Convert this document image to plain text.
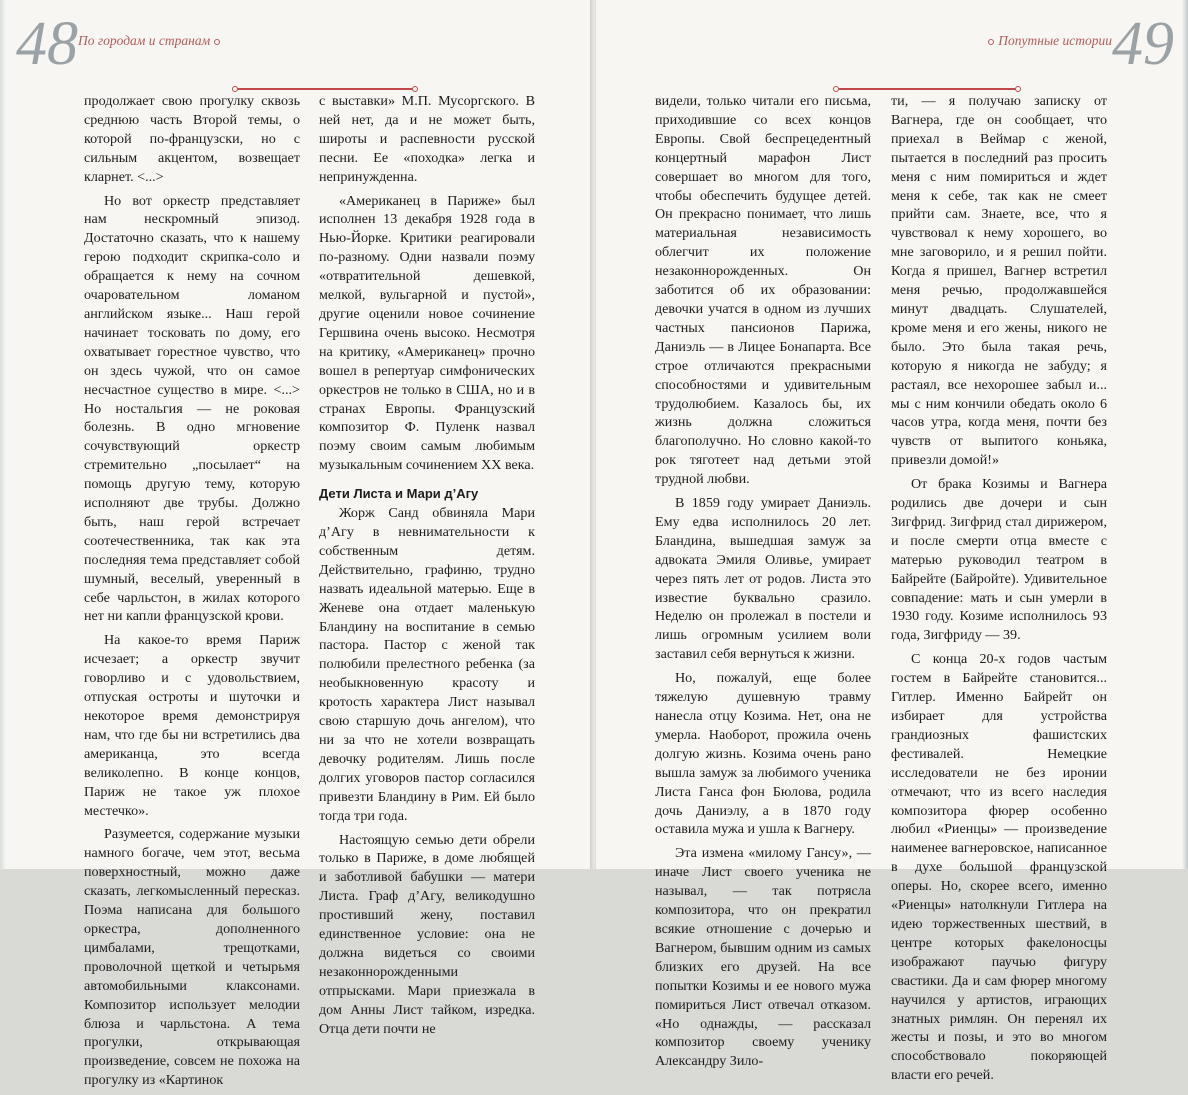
48 По городам и странам

продолжает свою прогулку сквозь среднюю часть Второй темы, о которой по-французски, но с сильным акцентом, возвещает кларнет. <...>

Но вот оркестр представляет нам нескромный эпизод. Достаточно сказать, что к нашему герою подходит скрипка-соло и обращается к нему на сочном очаровательном ломаном английском языке... Наш герой начинает тосковать по дому, его охватывает горестное чувство, что он здесь чужой, что он самое несчастное существо в мире. <...> Но ностальгия — не роковая болезнь. В одно мгновение сочувствующий оркестр стремительно „посылает“ на помощь другую тему, которую исполняют две трубы. Должно быть, наш герой встречает соотечественника, так как эта последняя тема представляет собой шумный, веселый, уверенный в себе чарльстон, в жилах которого нет ни капли французской крови.

На какое-то время Париж исчезает; а оркестр звучит говорливо и с удовольствием, отпуская остроты и шуточки и некоторое время демонстрируя нам, что где бы ни встретились два американца, это всегда великолепно. В конце концов, Париж не такое уж плохое местечко».

Разумеется, содержание музыки намного богаче, чем этот, весьма поверхностный, можно даже сказать, легкомысленный пересказ. Поэма написана для большого оркестра, дополненного цимбалами, трещотками, проволочной щеткой и четырьмя автомобильными клаксонами. Композитор использует мелодии блюза и чарльстона. А тема прогулки, открывающая произведение, совсем не похожа на прогулку из «Картинок

с выставки» М.П. Мусоргского. В ней нет, да и не может быть, широты и распевности русской песни. Ее «походка» легка и непринужденна.

«Американец в Париже» был исполнен 13 декабря 1928 года в Нью-Йорке. Критики реагировали по-разному. Одни назвали поэму «отвратительной дешевкой, мелкой, вульгарной и пустой», другие оценили новое сочинение Гершвина очень высоко. Несмотря на критику, «Американец» прочно вошел в репертуар симфонических оркестров не только в США, но и в странах Европы. Французский композитор Ф. Пуленк назвал поэму своим самым любимым музыкальным сочинением XX века.

Дети Листа и Мари д’Агу

Жорж Санд обвиняла Мари д’Агу в невнимательности к собственным детям. Действительно, графиню, трудно назвать идеальной матерью. Еще в Женеве она отдает маленькую Бландину на воспитание в семью пастора. Пастор с женой так полюбили прелестного ребенка (за необыкновенную красоту и кротость характера Лист называл свою старшую дочь ангелом), что ни за что не хотели возвращать девочку родителям. Лишь после долгих уговоров пастор согласился привезти Бландину в Рим. Ей было тогда три года.

Настоящую семью дети обрели только в Париже, в доме любящей и заботливой бабушки — матери Листа. Граф д’Агу, великодушно простивший жену, поставил единственное условие: она не должна видеться со своими незаконнорожденными отпрысками. Мари приезжала в дом Анны Лист тайком, изредка. Отца дети почти не

Попутные истории 49

видели, только читали его письма, приходившие со всех концов Европы. Свой беспрецедентный концертный марафон Лист совершает во многом для того, чтобы обеспечить будущее детей. Он прекрасно понимает, что лишь материальная независимость облегчит их положение незаконнорожденных. Он заботится об их образовании: девочки учатся в одном из лучших частных пансионов Парижа, Даниэль — в Лицее Бонапарта. Все строе отличаются прекрасными способностями и удивительным трудолюбием. Казалось бы, их жизнь должна сложиться благополучно. Но словно какой-то рок тяготеет над детьми этой трудной любви.

В 1859 году умирает Даниэль. Ему едва исполнилось 20 лет. Бландина, вышедшая замуж за адвоката Эмиля Оливье, умирает через пять лет от родов. Листа это известие буквально сразило. Неделю он пролежал в постели и лишь огромным усилием воли заставил себя вернуться к жизни.

Но, пожалуй, еще более тяжелую душевную травму нанесла отцу Козима. Нет, она не умерла. Наоборот, прожила очень долгую жизнь. Козима очень рано вышла замуж за любимого ученика Листа Ганса фон Бюлова, родила дочь Даниэлу, а в 1870 году оставила мужа и ушла к Вагнеру.

Эта измена «милому Гансу», — иначе Лист своего ученика не называл, — так потрясла композитора, что он прекратил всякие отношение с дочерью и Вагнером, бывшим одним из самых близких его друзей. На все попытки Козимы и ее нового мужа помириться Лист отвечал отказом. «Но однажды, — рассказал композитор своему ученику Александру Зило-

ти, — я получаю записку от Вагнера, где он сообщает, что приехал в Веймар с женой, пытается в последний раз просить меня с ним помириться и ждет меня к себе, так как не смеет прийти сам. Знаете, все, что я чувствовал к нему хорошего, во мне заговорило, и я решил пойти. Когда я пришел, Вагнер встретил меня речью, продолжавшейся минут двадцать. Слушателей, кроме меня и его жены, никого не было. Это была такая речь, которую я никогда не забуду; я растаял, все нехорошее забыл и... мы с ним кончили обедать около 6 часов утра, когда меня, почти без чувств от выпитого коньяка, привезли домой!»

От брака Козимы и Вагнера родились две дочери и сын Зигфрид. Зигфрид стал дирижером, и после смерти отца вместе с матерью руководил театром в Байрейте (Байройте). Удивительное совпадение: мать и сын умерли в 1930 году. Козиме исполнилось 93 года, Зигфриду — 39.

С конца 20-х годов частым гостем в Байрейте становится... Гитлер. Именно Байрейт он избирает для устройства грандиозных фашистских фестивалей. Немецкие исследователи не без иронии отмечают, что из всего наследия композитора фюрер особенно любил «Риенцы» — произведение наименее вагнеровское, написанное в духе большой французской оперы. Но, скорее всего, именно «Риенцы» натолкнули Гитлера на идею торжественных шествий, в центре которых факелоносцы изображают паучью фигуру свастики. Да и сам фюрер многому научился у артистов, играющих знатных римлян. Он перенял их жесты и позы, и это во многом способствовало покоряющей власти его речей.
